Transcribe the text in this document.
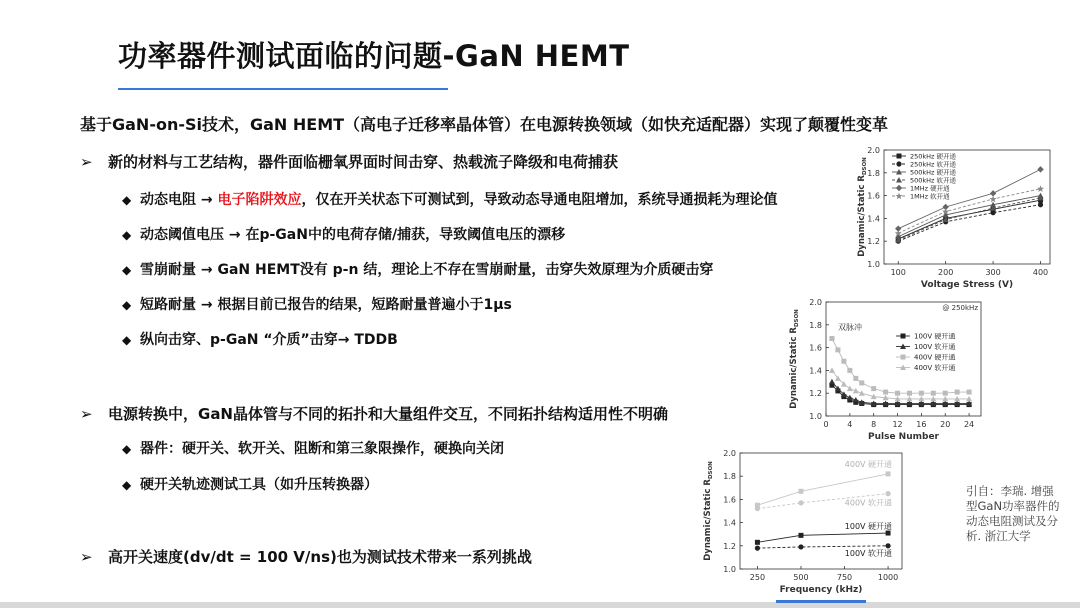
功率器件测试面临的问题-GaN HEMT
基于GaN-on-Si技术，GaN HEMT（高电子迁移率晶体管）在电源转换领域（如快充适配器）实现了颠覆性变革
➢ 新的材料与工艺结构，器件面临栅氧界面时间击穿、热载流子降级和电荷捕获
◆ 动态电阻 → 电子陷阱效应，仅在开关状态下可测试到，导致动态导通电阻增加，系统导通损耗为理论值
◆ 动态阈值电压 → 在p-GaN中的电荷存储/捕获，导致阈值电压的漂移
◆ 雪崩耐量 → GaN HEMT没有 p-n 结，理论上不存在雪崩耐量，击穿失效原理为介质硬击穿
◆ 短路耐量 → 根据目前已报告的结果，短路耐量普遍小于1μs
◆ 纵向击穿、p-GaN “介质”击穿→ TDDB
➢ 电源转换中，GaN晶体管与不同的拓扑和大量组件交互，不同拓扑结构适用性不明确
◆ 器件：硬开关、软开关、阻断和第三象限操作，硬换向关闭
◆ 硬开关轨迹测试工具（如升压转换器）
➢ 高开关速度(dv/dt = 100 V/ns)也为测试技术带来一系列挑战
引自：李瑞. 增强型GaN功率器件的动态电阻测试及分析. 浙江大学
1.0
1.2
1.4
1.6
1.8
2.0
100	200	300	400
Voltage Stress (V)
Dynamic/Static $R_{DSON}$
250kHz 硬开通
250kHz 软开通
500kHz 硬开通
500kHz 软开通
1MHz 硬开通
1MHz 软开通
1.0
1.2
1.4
1.6
1.8
2.0
0 4 8 12 16 20 24
Pulse Number
Dynamic/Static $R_{DSON}$
100V 硬开通
100V 软开通
400V 硬开通
400V 软开通
@ 250kHz
双脉冲
1.0
1.2
1.4
1.6
1.8
2.0
250	500	750	1000
Frequency (kHz)
Dynamic/Static $R_{DSON}$	400V 硬开通
400V 软开通
100V 硬开通
100V 软开通
